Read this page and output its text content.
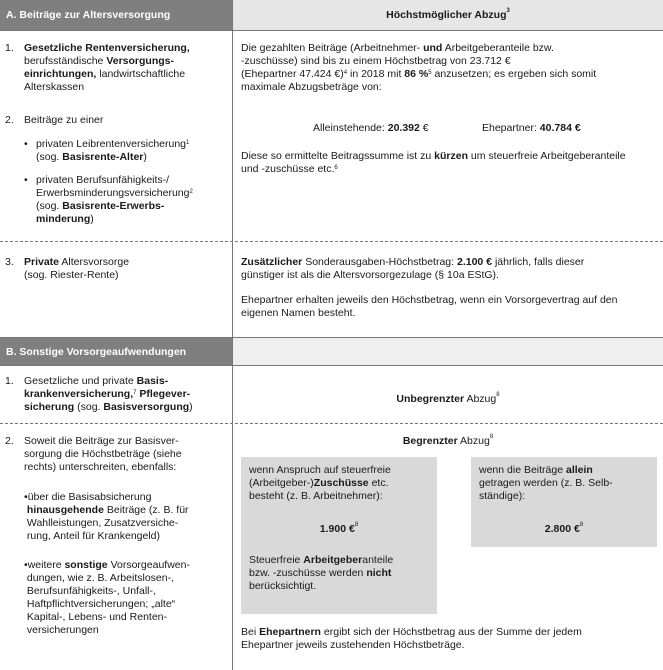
A. Beiträge zur Altersversorgung	Höchstmöglicher Abzug$^3$
1. Gesetzliche Rentenversicherung,
berufsständische Versorgungs-
einrichtungen, landwirtschaftliche
Alterskassen
2. Beiträge zu einer
• privaten Leibrentenversicherung$^1$
(sog. Basisrente-Alter)
• privaten Berufsunfähigkeits-/
Erwerbsminderungsversicherung$^2$
(sog. Basisrente-Erwerbs-
minderung)
Die gezahlten Beiträge (Arbeitnehmer- und Arbeitgeberanteile bzw.
-zuschüsse) sind bis zu einem Höchstbetrag von 23.712 €
(Ehepartner 47.424 €)$^4$ in 2018 mit 86 %$^5$ anzusetzen; es ergeben sich somit
maximale Abzugsbeträge von:
Alleinstehende: 20.392 €	Ehepartner: 40.784 €
Diese so ermittelte Beitragssumme ist zu kürzen um steuerfreie Arbeitgeberanteile
und -zuschüsse etc.$^6$
3. Private Altersvorsorge
(sog. Riester-Rente)
Zusätzlicher Sonderausgaben-Höchstbetrag: 2.100 € jährlich, falls dieser
günstiger ist als die Altersvorsorgezulage (§ 10a EStG).
Ehepartner erhalten jeweils den Höchstbetrag, wenn ein Vorsorgevertrag auf den
eigenen Namen besteht.
B. Sonstige Vorsorgeaufwendungen
1. Gesetzliche und private Basis-
krankenversicherung,$^7$ Pflegever-
sicherung (sog. Basisversorgung)
Unbegrenzter Abzug$^8$
2. Soweit die Beiträge zur Basisver-
sorgung die Höchstbeträge (siehe
rechts) unterschreiten, ebenfalls:
•über die Basisabsicherung
hinausgehende Beiträge (z. B. für
Wahlleistungen, Zusatzversiche-
rung, Anteil für Krankengeld)
•weitere sonstige Vorsorgeaufwen-
dungen, wie z. B. Arbeitslosen-,
Berufsunfähigkeits-, Unfall-,
Haftpflichtversicherungen; „alte“
Kapital-, Lebens- und Renten-
versicherungen
Begrenzter Abzug$^8$
wenn Anspruch auf steuerfreie
(Arbeitgeber-)Zuschüsse etc.
besteht (z. B. Arbeitnehmer):
1.900 €$^8$
Steuerfreie Arbeitgeberanteile
bzw. -zuschüsse werden nicht
berücksichtigt.
wenn die Beiträge allein
getragen werden (z. B. Selb-
ständige):
2.800 €$^8$
Bei Ehepartnern ergibt sich der Höchstbetrag aus der Summe der jedem
Ehepartner jeweils zustehenden Höchstbeträge.
